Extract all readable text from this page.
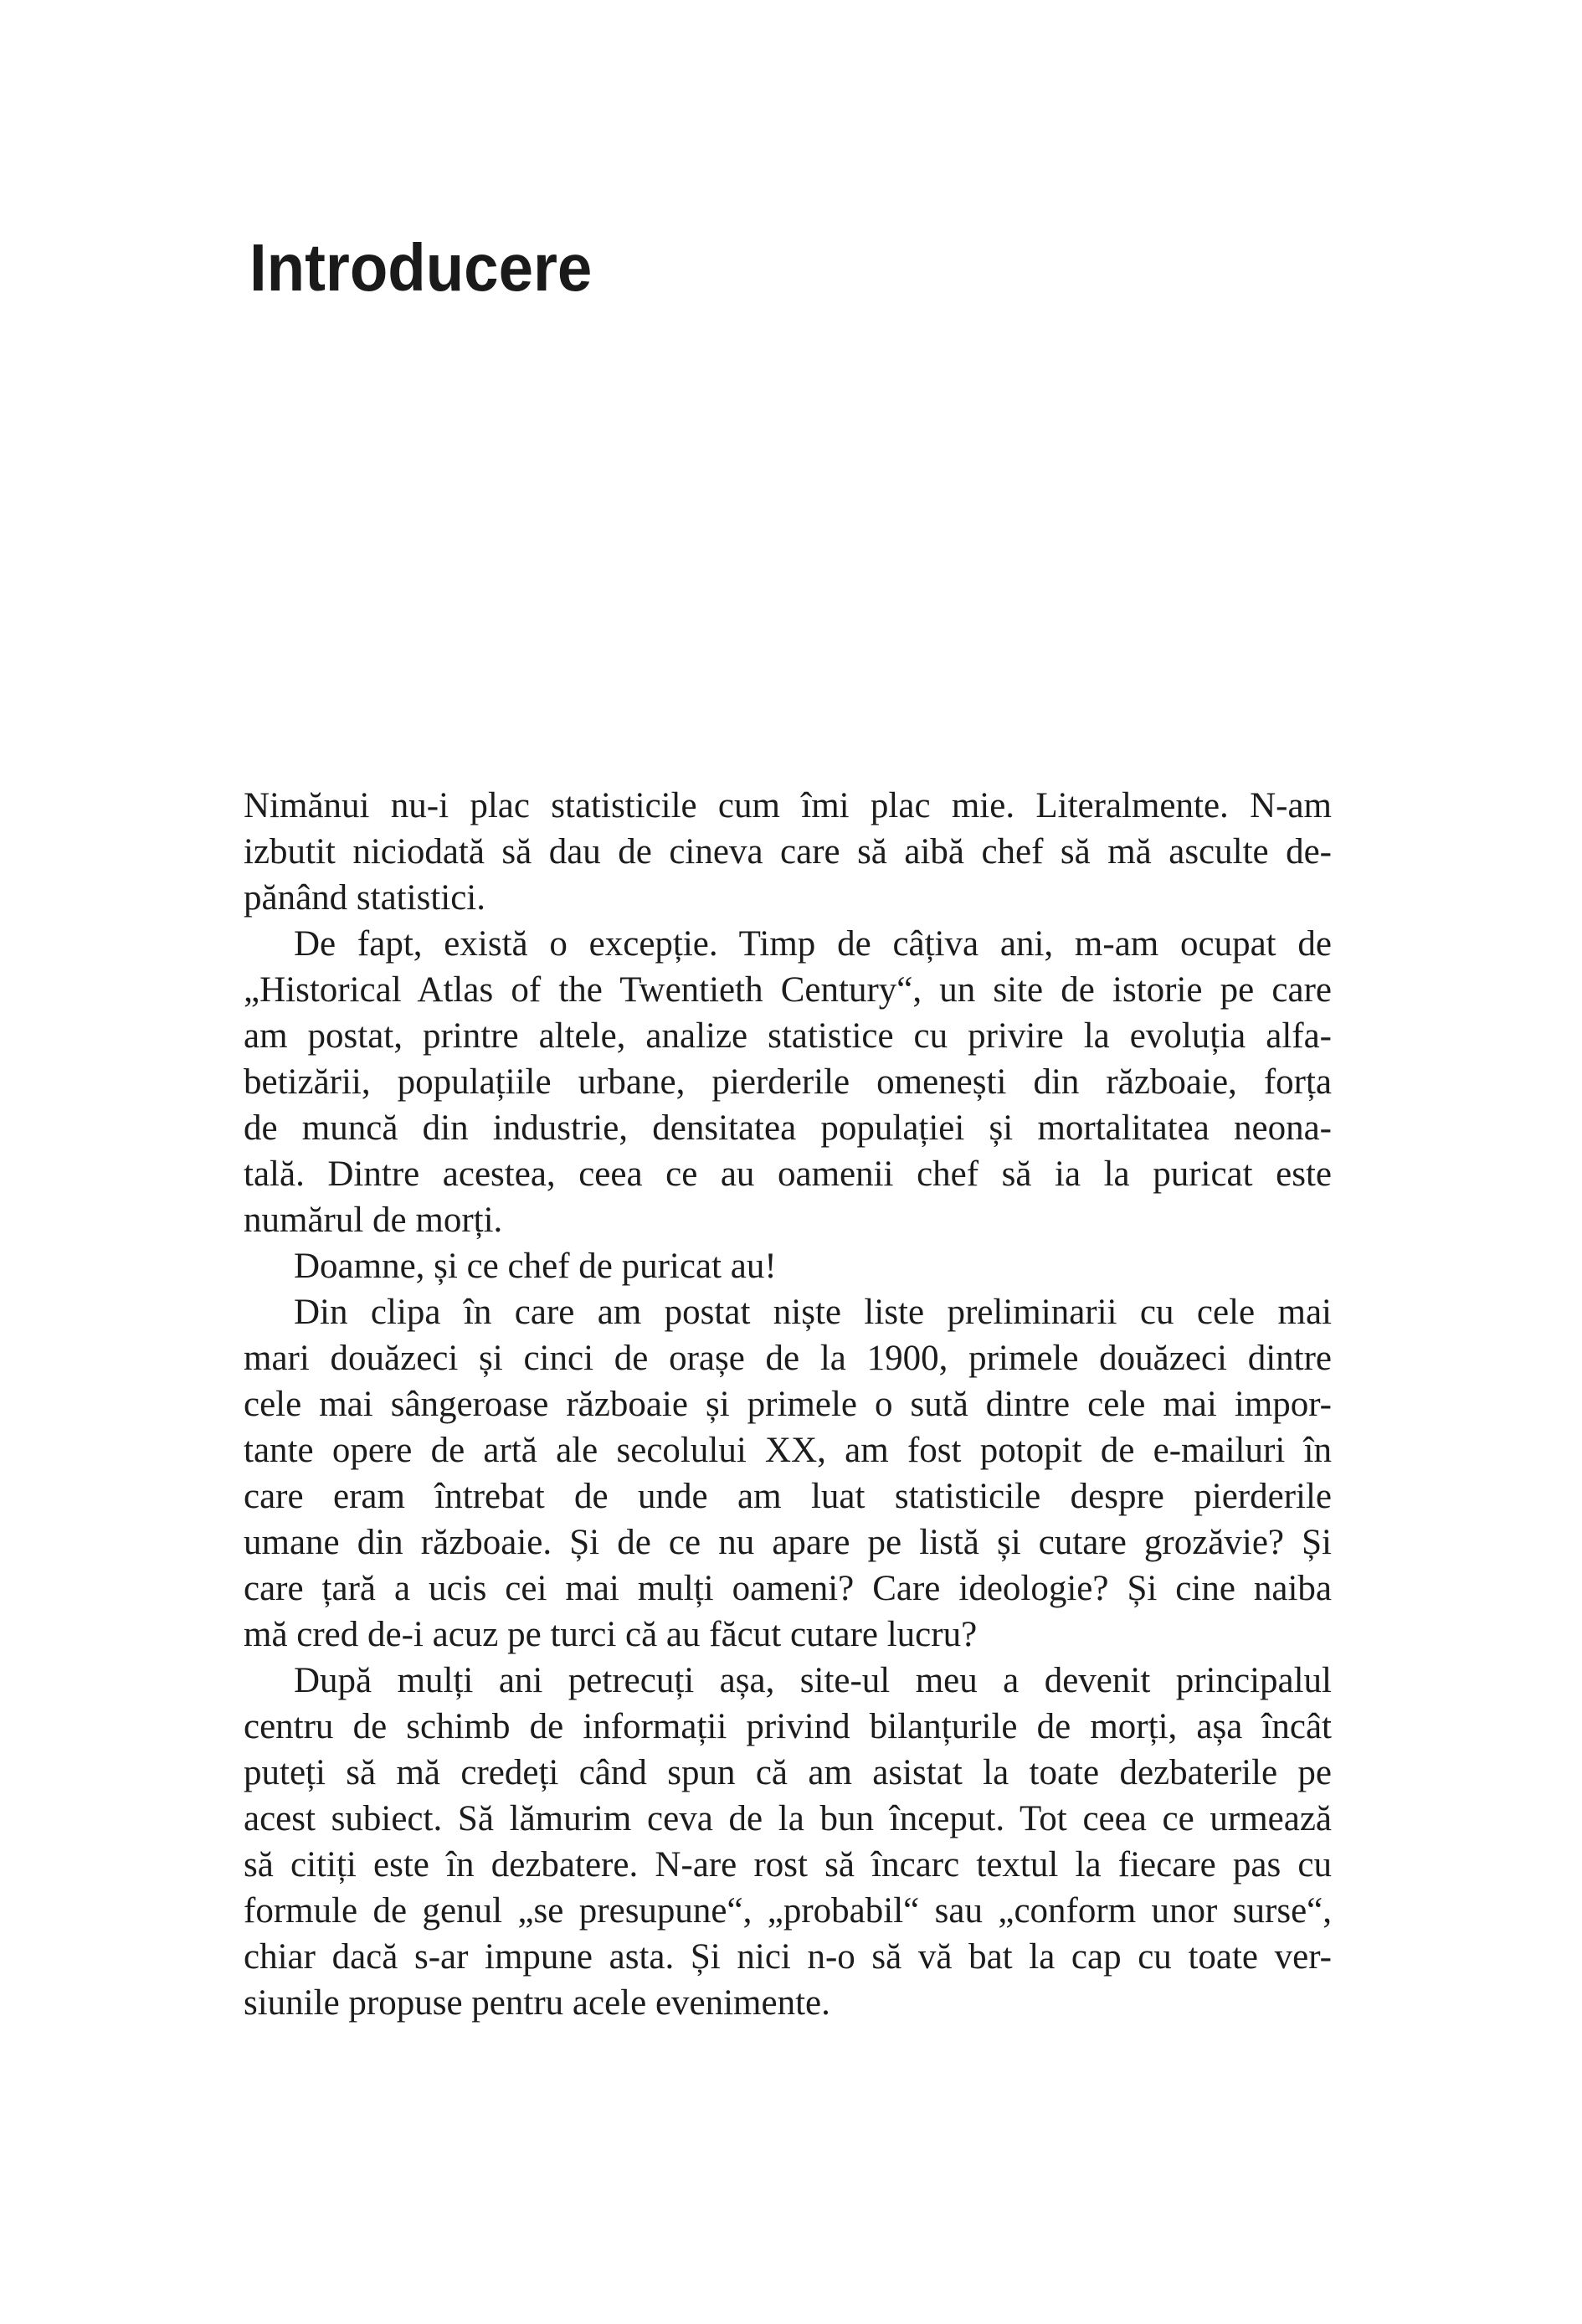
Introducere
Nimănui nu-i plac statisticile cum îmi plac mie. Literalmente. N-am
izbutit niciodată să dau de cineva care să aibă chef să mă asculte de-
pănând statistici.
De fapt, există o excepție. Timp de câțiva ani, m-am ocupat de
„Historical Atlas of the Twentieth Century“, un site de istorie pe care
am postat, printre altele, analize statistice cu privire la evoluția alfa-
betizării, populațiile urbane, pierderile omenești din războaie, forța
de muncă din industrie, densitatea populației și mortalitatea neona-
tală. Dintre acestea, ceea ce au oamenii chef să ia la puricat este
numărul de morți.
Doamne, și ce chef de puricat au!
Din clipa în care am postat niște liste preliminarii cu cele mai
mari douăzeci și cinci de orașe de la 1900, primele douăzeci dintre
cele mai sângeroase războaie și primele o sută dintre cele mai impor-
tante opere de artă ale secolului XX, am fost potopit de e-mailuri în
care eram întrebat de unde am luat statisticile despre pierderile
umane din războaie. Și de ce nu apare pe listă și cutare grozăvie? Și
care țară a ucis cei mai mulți oameni? Care ideologie? Și cine naiba
mă cred de-i acuz pe turci că au făcut cutare lucru?
După mulți ani petrecuți așa, site-ul meu a devenit principalul
centru de schimb de informații privind bilanțurile de morți, așa încât
puteți să mă credeți când spun că am asistat la toate dezbaterile pe
acest subiect. Să lămurim ceva de la bun început. Tot ceea ce urmează
să citiți este în dezbatere. N-are rost să încarc textul la fiecare pas cu
formule de genul „se presupune“, „probabil“ sau „conform unor surse“,
chiar dacă s-ar impune asta. Și nici n-o să vă bat la cap cu toate ver-
siunile propuse pentru acele evenimente.
